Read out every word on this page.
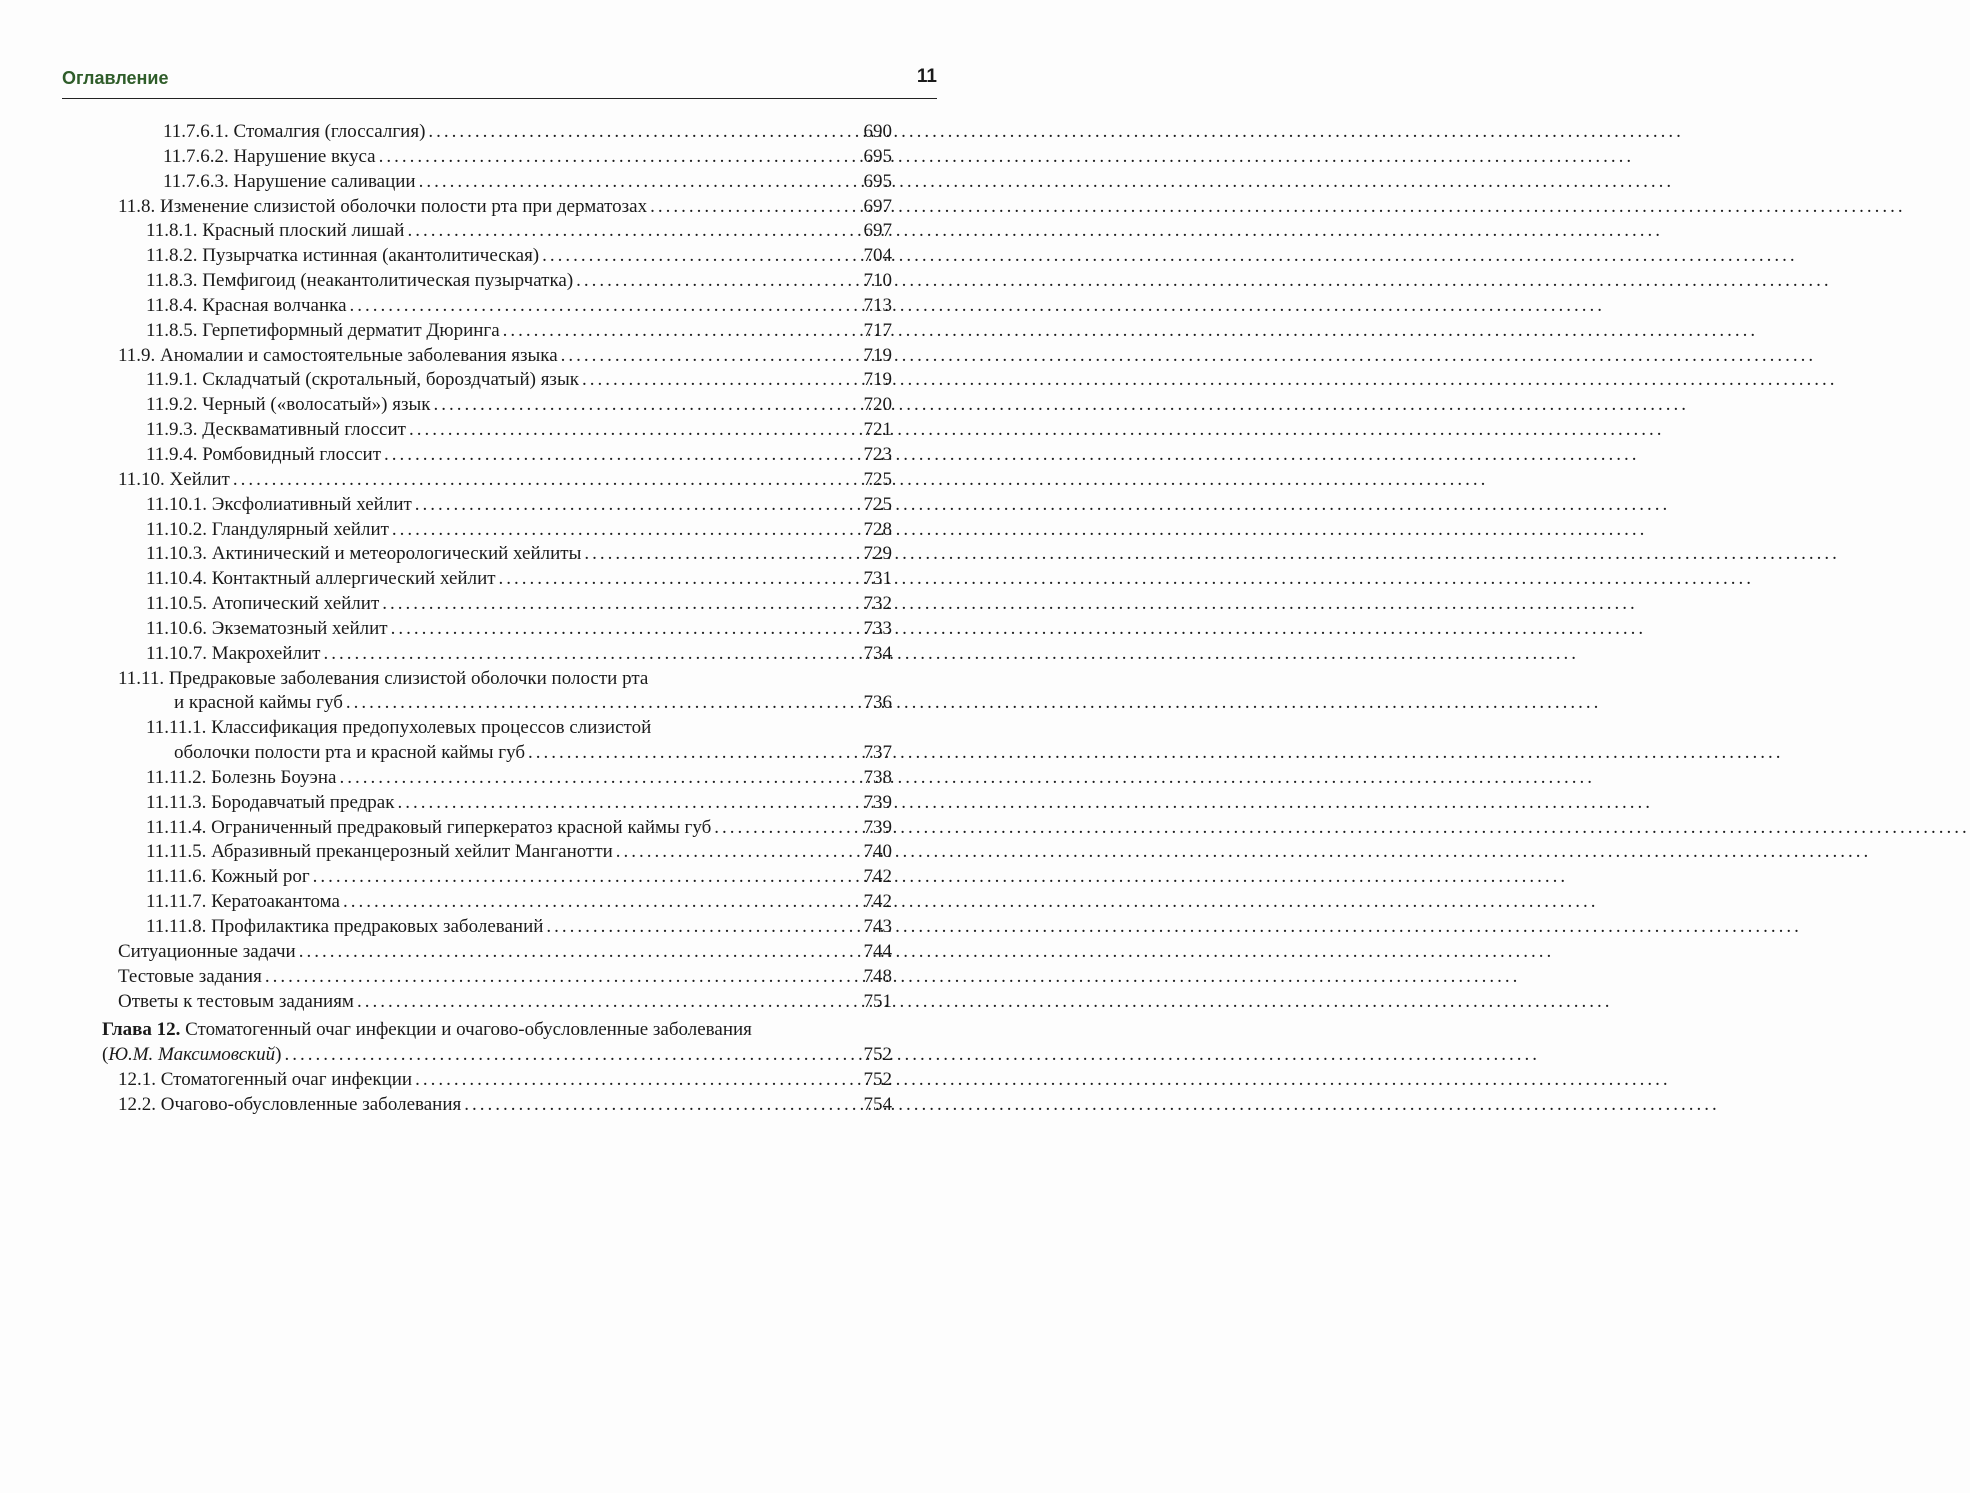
Оглавление	11
11.7.6.1. Стомалгия (глоссалгия) .....	690
11.7.6.2. Нарушение вкуса .....	695
11.7.6.3. Нарушение саливации .....	695
11.8. Изменение слизистой оболочки полости рта при дерматозах .....	697
11.8.1. Красный плоский лишай .....	697
11.8.2. Пузырчатка истинная (акантолитическая) .....	704
11.8.3. Пемфигоид (неакантолитическая пузырчатка) .....	710
11.8.4. Красная волчанка .....	713
11.8.5. Герпетиформный дерматит Дюринга .....	717
11.9. Аномалии и самостоятельные заболевания языка .....	719
11.9.1. Складчатый (скротальный, бороздчатый) язык .....	719
11.9.2. Черный («волосатый») язык .....	720
11.9.3. Десквамативный глоссит .....	721
11.9.4. Ромбовидный глоссит .....	723
11.10. Хейлит .....	725
11.10.1. Эксфолиативный хейлит .....	725
11.10.2. Гландулярный хейлит .....	728
11.10.3. Актинический и метеорологический хейлиты .....	729
11.10.4. Контактный аллергический хейлит .....	731
11.10.5. Атопический хейлит .....	732
11.10.6. Экзематозный хейлит .....	733
11.10.7. Макрохейлит .....	734
11.11. Предраковые заболевания слизистой оболочки полости рта
и красной каймы губ .....	736
11.11.1. Классификация предопухолевых процессов слизистой
оболочки полости рта и красной каймы губ .....	737
11.11.2. Болезнь Боуэна .....	738
11.11.3. Бородавчатый предрак .....	739
11.11.4. Ограниченный предраковый гиперкератоз красной каймы губ .....	739
11.11.5. Абразивный преканцерозный хейлит Манганотти .....	740
11.11.6. Кожный рог .....	742
11.11.7. Кератоакантома .....	742
11.11.8. Профилактика предраковых заболеваний .....	743
Ситуационные задачи .....	744
Тестовые задания .....	748
Ответы к тестовым заданиям .....	751
Глава 12. Стоматогенный очаг инфекции и очагово-обусловленные заболевания
(Ю.М. Максимовский) .....	752
12.1. Стоматогенный очаг инфекции .....	752
12.2. Очагово-обусловленные заболевания .....	754
